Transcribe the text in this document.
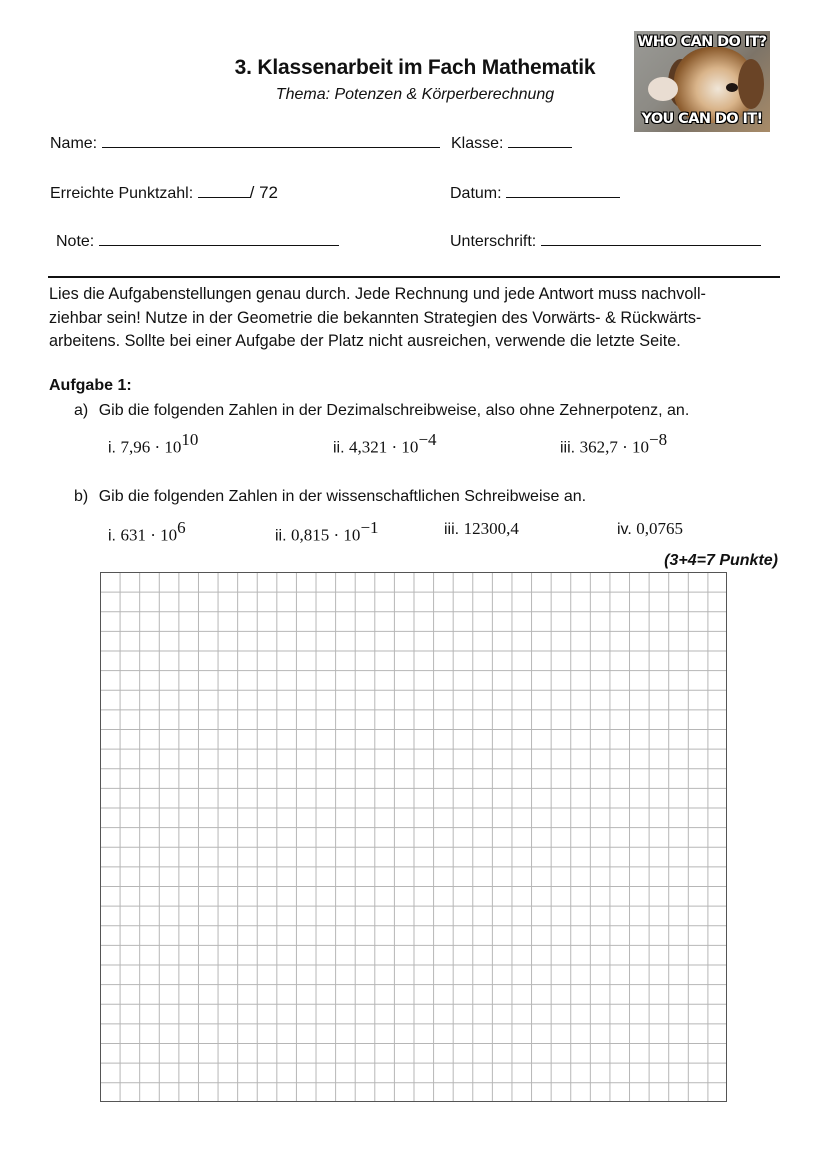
3. Klassenarbeit im Fach Mathematik
Thema: Potenzen & Körperberechnung
WHO CAN DO IT?
YOU CAN DO IT!
Name:	Klasse:
Erreichte Punktzahl:	/ 72	Datum:
Note:	Unterschrift:
Lies die Aufgabenstellungen genau durch. Jede Rechnung und jede Antwort muss nachvoll-
ziehbar sein! Nutze in der Geometrie die bekannten Strategien des Vorwärts- & Rückwärts-
arbeitens. Sollte bei einer Aufgabe der Platz nicht ausreichen, verwende die letzte Seite.
Aufgabe 1:
a) Gib die folgenden Zahlen in der Dezimalschreibweise, also ohne Zehnerpotenz, an.
i. $7,96 \cdot 10^{10}$	ii. $4,321 \cdot 10^{-4}$	iii. $362,7 \cdot 10^{-8}$
b) Gib die folgenden Zahlen in der wissenschaftlichen Schreibweise an.
i. $631 \cdot 10^6$	ii. $0,815 \cdot 10^{-1}$	iii. 12300,4	iv. 0,0765
(3+4=7 Punkte)
